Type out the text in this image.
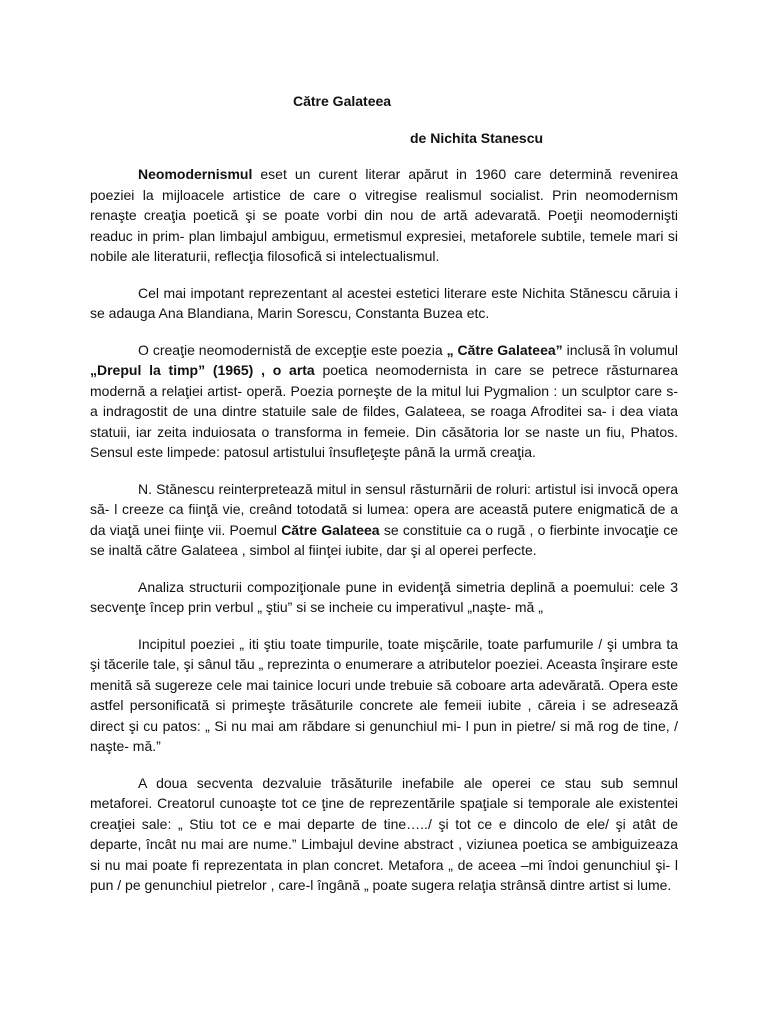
Către Galateea

de Nichita Stanescu

Neomodernismul eset un curent literar apărut in 1960 care determină revenirea poeziei la mijloacele artistice de care o vitregise realismul socialist. Prin neomodernism renaşte creaţia poetică şi se poate vorbi din nou de artă adevarată. Poeţii neomodernişti readuc in prim- plan limbajul ambiguu, ermetismul expresiei, metaforele subtile, temele mari si nobile ale literaturii, reflecţia filosofică si intelectualismul.

Cel mai impotant reprezentant al acestei estetici literare este Nichita Stănescu căruia i se adauga Ana Blandiana, Marin Sorescu, Constanta Buzea etc.

O creaţie neomodernistă de excepţie este poezia „ Către Galateea” inclusă în volumul „Drepul la timp” (1965) , o arta poetica neomodernista in care se petrece răsturnarea modernă a relaţiei artist- operă. Poezia porneşte de la mitul lui Pygmalion : un sculptor care s- a indragostit de una dintre statuile sale de fildes, Galateea, se roaga Afroditei sa- i dea viata statuii, iar zeita induiosata o transforma in femeie. Din căsătoria lor se naste un fiu, Phatos. Sensul este limpede: patosul artistului însufleţeşte până la urmă creaţia.

N. Stănescu reinterpretează mitul in sensul răsturnării de roluri: artistul isi invocă opera să- l creeze ca fiinţă vie, creând totodată si lumea: opera are această putere enigmatică de a da viaţă unei fiinţe vii. Poemul Către Galateea se constituie ca o rugă , o fierbinte invocaţie ce se inaltă către Galateea , simbol al fiinţei iubite, dar şi al operei perfecte.

Analiza structurii compoziţionale pune in evidenţă simetria deplină a poemului: cele 3 secvenţe încep prin verbul „ ştiu” si se incheie cu imperativul „naşte- mă „

Incipitul poeziei „ iti ştiu toate timpurile, toate mişcările, toate parfumurile / şi umbra ta şi tăcerile tale, şi sânul tău „ reprezinta o enumerare a atributelor poeziei. Aceasta înşirare este menită să sugereze cele mai tainice locuri unde trebuie să coboare arta adevărată. Opera este astfel personificată si primeşte trăsăturile concrete ale femeii iubite , căreia i se adresează direct şi cu patos: „ Si nu mai am răbdare si genunchiul mi- l pun in pietre/ si mă rog de tine, / naşte- mă.”

A doua secventa dezvaluie trăsăturile inefabile ale operei ce stau sub semnul metaforei. Creatorul cunoaşte tot ce ţine de reprezentările spaţiale si temporale ale existentei creaţiei sale: „ Stiu tot ce e mai departe de tine…../ şi tot ce e dincolo de ele/ şi atât de departe, încât nu mai are nume.” Limbajul devine abstract , viziunea poetica se ambiguizeaza si nu mai poate fi reprezentata in plan concret. Metafora „ de aceea –mi îndoi genunchiul şi- l pun / pe genunchiul pietrelor , care-l îngână „ poate sugera relaţia strânsă dintre artist si lume.
